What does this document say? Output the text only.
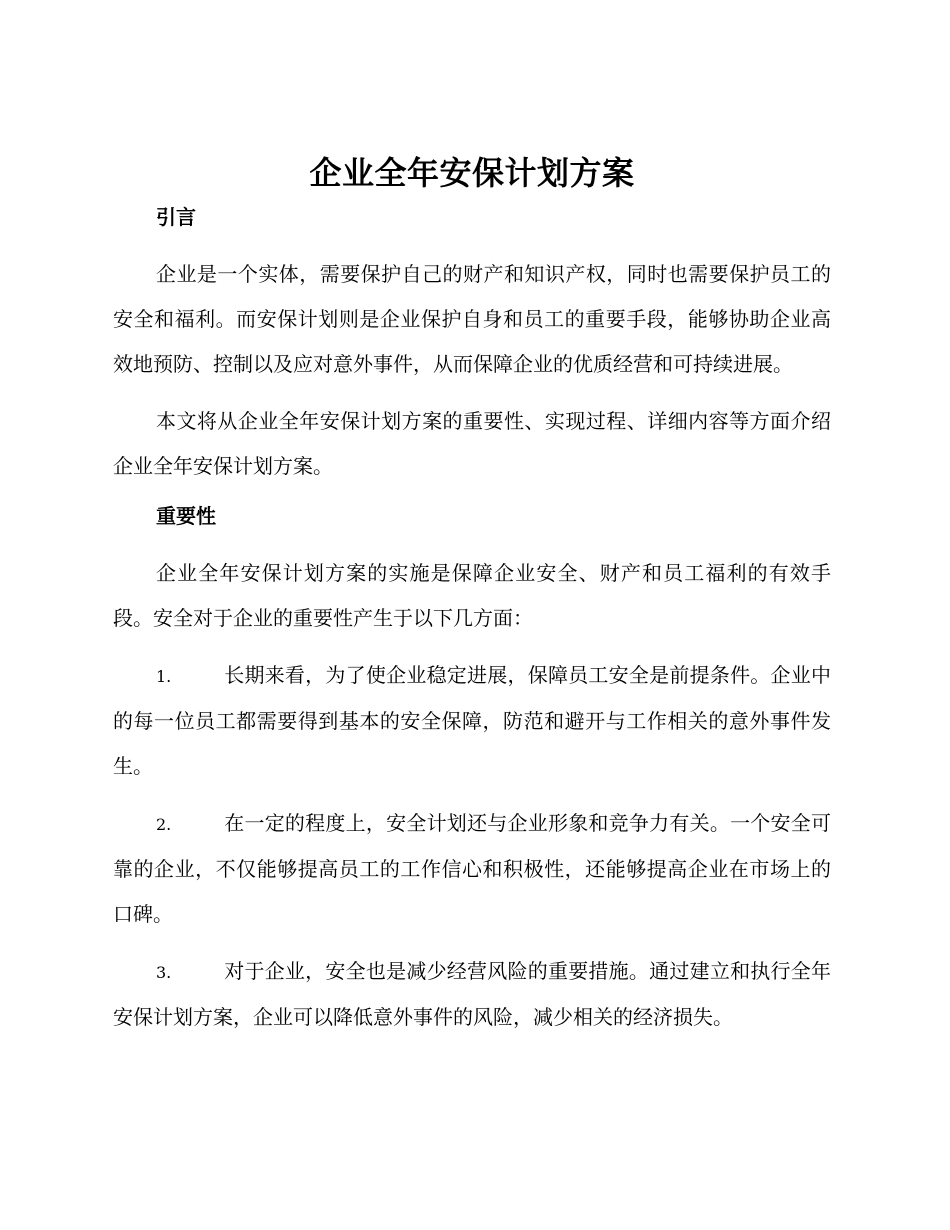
企业全年安保计划方案
引言

企业是一个实体，需要保护自己的财产和知识产权，同时也需要保护员工的安全和福利。而安保计划则是企业保护自身和员工的重要手段，能够协助企业高效地预防、控制以及应对意外事件，从而保障企业的优质经营和可持续进展。

本文将从企业全年安保计划方案的重要性、实现过程、详细内容等方面介绍企业全年安保计划方案。

重要性

企业全年安保计划方案的实施是保障企业安全、财产和员工福利的有效手段。安全对于企业的重要性产生于以下几方面：

1.	长期来看，为了使企业稳定进展，保障员工安全是前提条件。企业中的每一位员工都需要得到基本的安全保障，防范和避开与工作相关的意外事件发生。

2.	在一定的程度上，安全计划还与企业形象和竞争力有关。一个安全可靠的企业，不仅能够提高员工的工作信心和积极性，还能够提高企业在市场上的口碑。

3.	对于企业，安全也是减少经营风险的重要措施。通过建立和执行全年安保计划方案，企业可以降低意外事件的风险，减少相关的经济损失。
